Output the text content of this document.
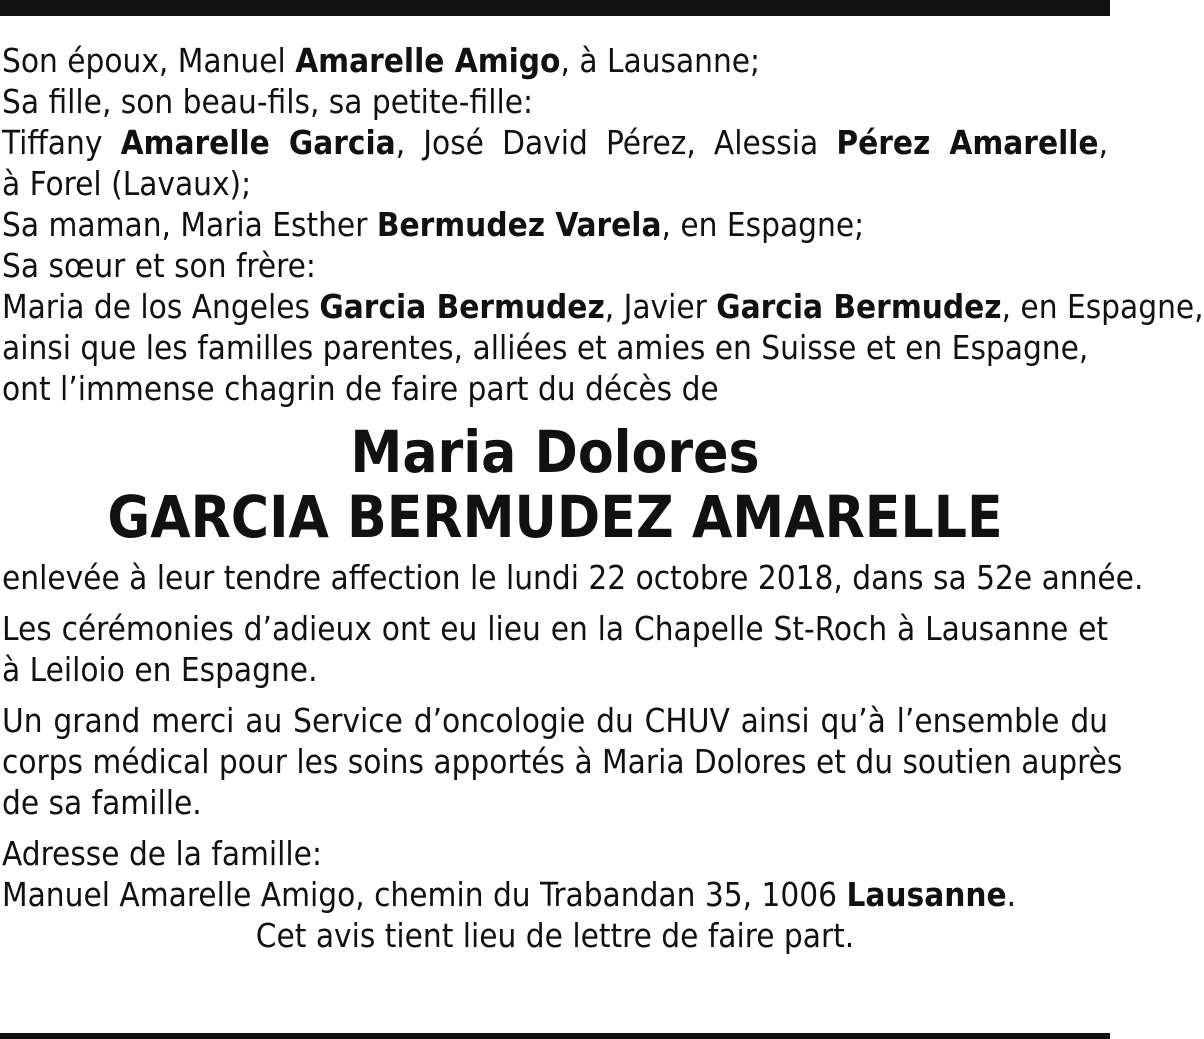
Son époux, Manuel Amarelle Amigo, à Lausanne;
Sa fille, son beau-fils, sa petite-fille:
Tiffany Amarelle Garcia, José David Pérez, Alessia Pérez Amarelle,
à Forel (Lavaux);
Sa maman, Maria Esther Bermudez Varela, en Espagne;
Sa sœur et son frère:
Maria de los Angeles Garcia Bermudez, Javier Garcia Bermudez, en Espagne,
ainsi que les familles parentes, alliées et amies en Suisse et en Espagne,
ont l’immense chagrin de faire part du décès de
Maria Dolores
GARCIA BERMUDEZ AMARELLE
enlevée à leur tendre affection le lundi 22 octobre 2018, dans sa 52e année.
Les cérémonies d’adieux ont eu lieu en la Chapelle St-Roch à Lausanne et
à Leiloio en Espagne.
Un grand merci au Service d’oncologie du CHUV ainsi qu’à l’ensemble du
corps médical pour les soins apportés à Maria Dolores et du soutien auprès
de sa famille.
Adresse de la famille:
Manuel Amarelle Amigo, chemin du Trabandan 35, 1006 Lausanne.
Cet avis tient lieu de lettre de faire part.
